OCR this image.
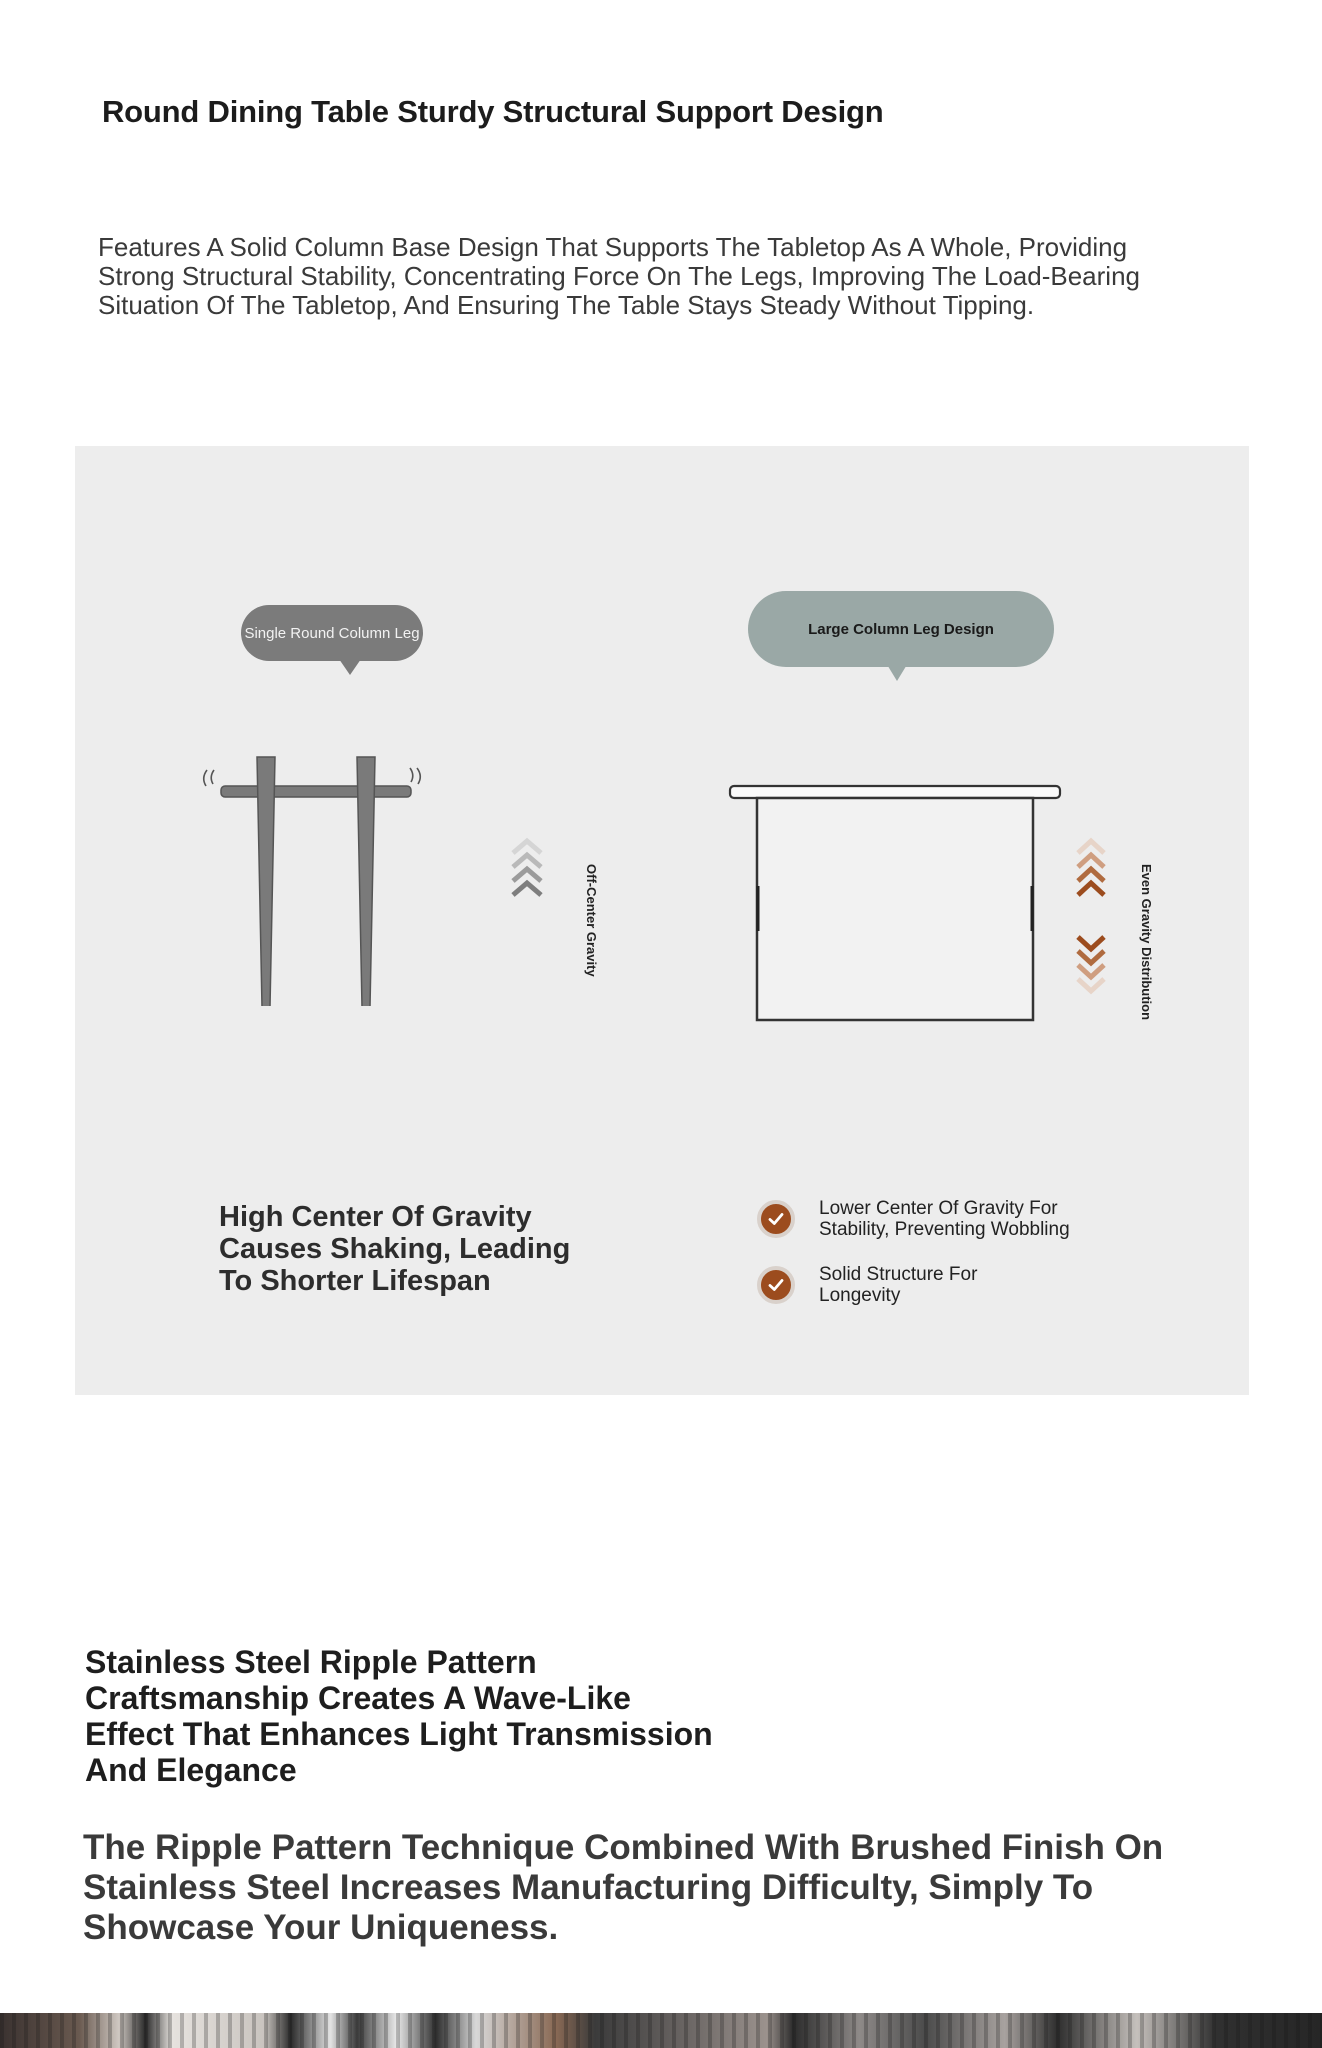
Round Dining Table Sturdy Structural Support Design

Features A Solid Column Base Design That Supports The Tabletop As A Whole, Providing Strong Structural Stability, Concentrating Force On The Legs, Improving The Load-Bearing Situation Of The Tabletop, And Ensuring The Table Stays Steady Without Tipping.

Single Round Column Leg
Off-Center Gravity
High Center Of Gravity Causes Shaking, Leading To Shorter Lifespan
Large Column Leg Design
Even Gravity Distribution
Lower Center Of Gravity For Stability, Preventing Wobbling
Solid Structure For Longevity
Stainless Steel Ripple Pattern Craftsmanship Creates A Wave-Like Effect That Enhances Light Transmission And Elegance

The Ripple Pattern Technique Combined With Brushed Finish On Stainless Steel Increases Manufacturing Difficulty, Simply To Showcase Your Uniqueness.
